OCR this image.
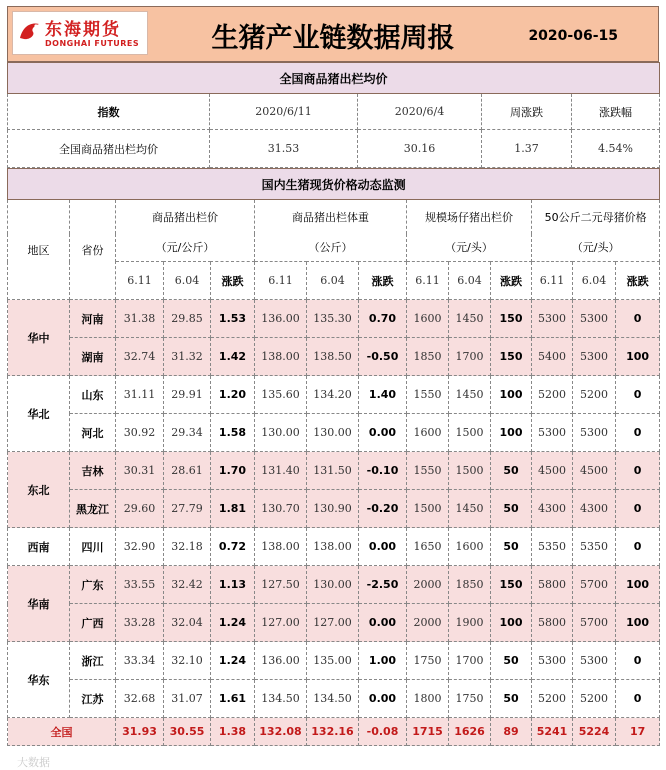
东海期货
DONGHAI FUTURES	生猪产业链数据周报	2020-06-15
全国商品猪出栏均价				
指数	2020/6/11	2020/6/4	周涨跌	涨跌幅
全国商品猪出栏均价	31.53	30.16	1.37	4.54%
国内生猪现货价格动态监测													
地区	省份	商品猪出栏价			商品猪出栏体重			规模场仔猪出栏价			50公斤二元母猪价格		
		（元/公斤）			（公斤）			（元/头）			（元/头）		
		6.11	6.04	涨跌	6.11	6.04	涨跌	6.11	6.04	涨跌	6.11	6.04	涨跌
华中	河南	31.38	29.85	1.53	136.00	135.30	0.70	1600	1450	150	5300	5300	0
	湖南	32.74	31.32	1.42	138.00	138.50	-0.50	1850	1700	150	5400	5300	100
华北	山东	31.11	29.91	1.20	135.60	134.20	1.40	1550	1450	100	5200	5200	0
	河北	30.92	29.34	1.58	130.00	130.00	0.00	1600	1500	100	5300	5300	0
东北	吉林	30.31	28.61	1.70	131.40	131.50	-0.10	1550	1500	50	4500	4500	0
	黑龙江	29.60	27.79	1.81	130.70	130.90	-0.20	1500	1450	50	4300	4300	0
西南	四川	32.90	32.18	0.72	138.00	138.00	0.00	1650	1600	50	5350	5350	0
华南	广东	33.55	32.42	1.13	127.50	130.00	-2.50	2000	1850	150	5800	5700	100
	广西	33.28	32.04	1.24	127.00	127.00	0.00	2000	1900	100	5800	5700	100
华东	浙江	33.34	32.10	1.24	136.00	135.00	1.00	1750	1700	50	5300	5300	0
	江苏	32.68	31.07	1.61	134.50	134.50	0.00	1800	1750	50	5200	5200	0
全国		31.93	30.55	1.38	132.08	132.16	-0.08	1715	1626	89	5241	5224	17
大数据
